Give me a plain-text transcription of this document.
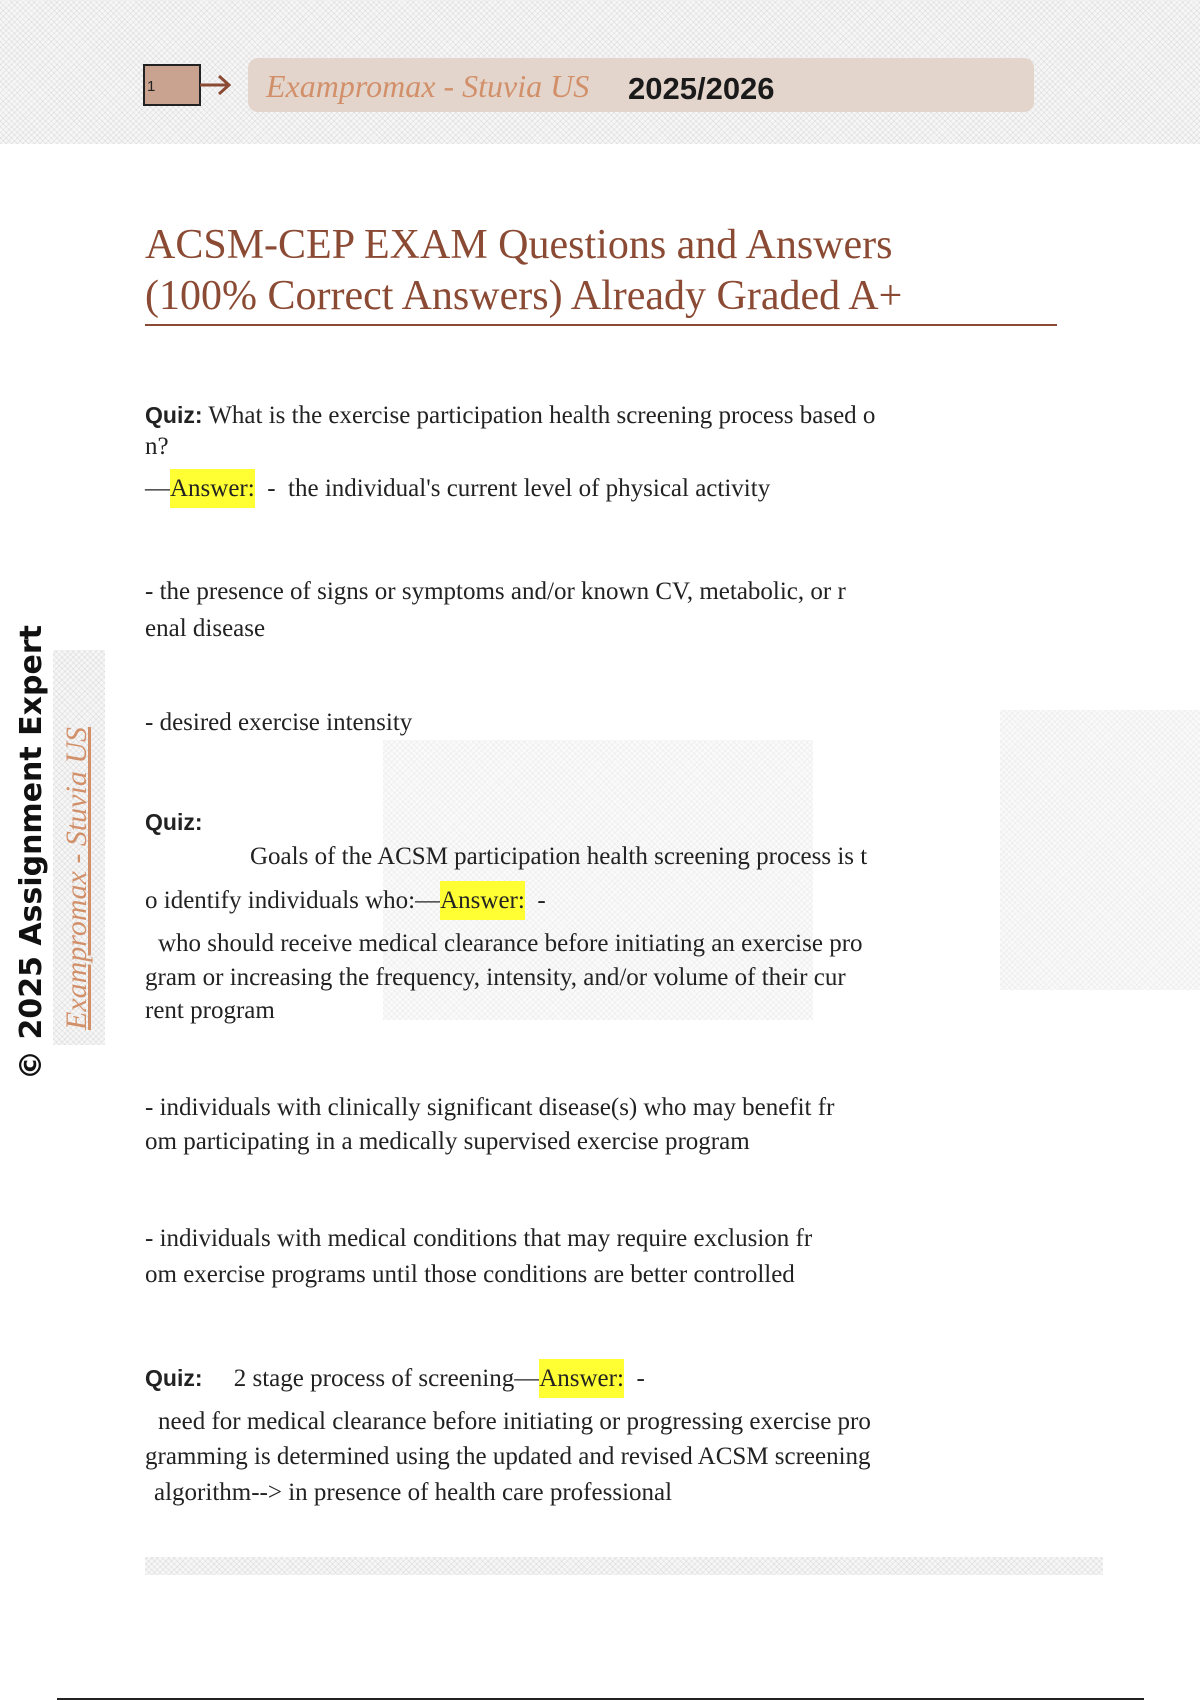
1	Exampromax - Stuvia US 2025/2026
ACSM-CEP EXAM Questions and Answers
(100% Correct Answers) Already Graded A+
© 2025 Assignment Expert Exampromax - Stuvia US
Quiz: What is the exercise participation health screening process based o
n?
—Answer:  -  the individual's current level of physical activity
- the presence of signs or symptoms and/or known CV, metabolic, or r
enal disease
- desired exercise intensity
Quiz:
Goals of the ACSM participation health screening process is t
o identify individuals who:—Answer:  -
who should receive medical clearance before initiating an exercise pro
gram or increasing the frequency, intensity, and/or volume of their cur
rent program
- individuals with clinically significant disease(s) who may benefit fr
om participating in a medically supervised exercise program
- individuals with medical conditions that may require exclusion fr
om exercise programs until those conditions are better controlled
Quiz: 2 stage process of screening—Answer:  -
need for medical clearance before initiating or progressing exercise pro
gramming is determined using the updated and revised ACSM screening
algorithm--> in presence of health care professional
